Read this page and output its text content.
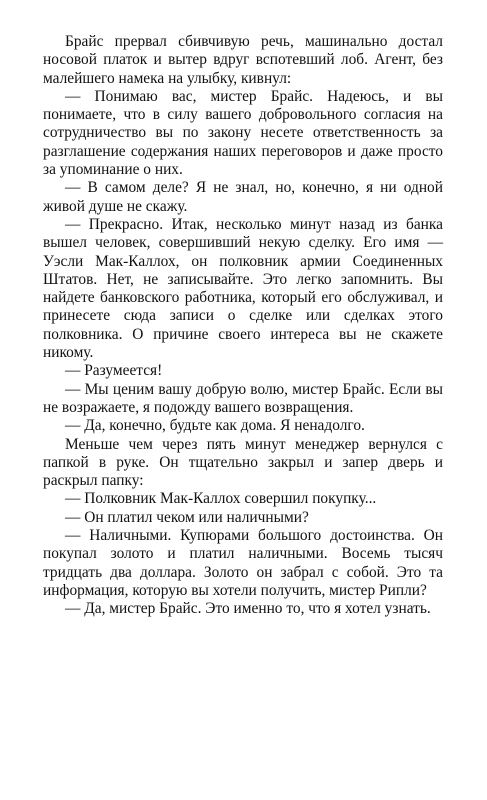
Брайс прервал сбивчивую речь, машинально достал носовой платок и вытер вдруг вспотевший лоб. Агент, без малейшего намека на улыбку, кивнул:

— Понимаю вас, мистер Брайс. Надеюсь, и вы понимаете, что в силу вашего добровольного согласия на сотрудничество вы по закону несете ответственность за разглашение содержания наших переговоров и даже просто за упоминание о них.

— В самом деле? Я не знал, но, конечно, я ни одной живой душе не скажу.

— Прекрасно. Итак, несколько минут назад из банка вышел человек, совершивший некую сделку. Его имя — Уэсли Мак-Каллох, он полковник армии Соединенных Штатов. Нет, не записывайте. Это легко запомнить. Вы найдете банковского работника, который его обслуживал, и принесете сюда записи о сделке или сделках этого полковника. О причине своего интереса вы не скажете никому.

— Разумеется!

— Мы ценим вашу добрую волю, мистер Брайс. Если вы не возражаете, я подожду вашего возвращения.

— Да, конечно, будьте как дома. Я ненадолго.

Меньше чем через пять минут менеджер вернулся с папкой в руке. Он тщательно закрыл и запер дверь и раскрыл папку:

— Полковник Мак-Каллох совершил покупку...

— Он платил чеком или наличными?

— Наличными. Купюрами большого достоинства. Он покупал золото и платил наличными. Восемь тысяч тридцать два доллара. Золото он забрал с собой. Это та информация, которую вы хотели получить, мистер Рипли?

— Да, мистер Брайс. Это именно то, что я хотел узнать.
